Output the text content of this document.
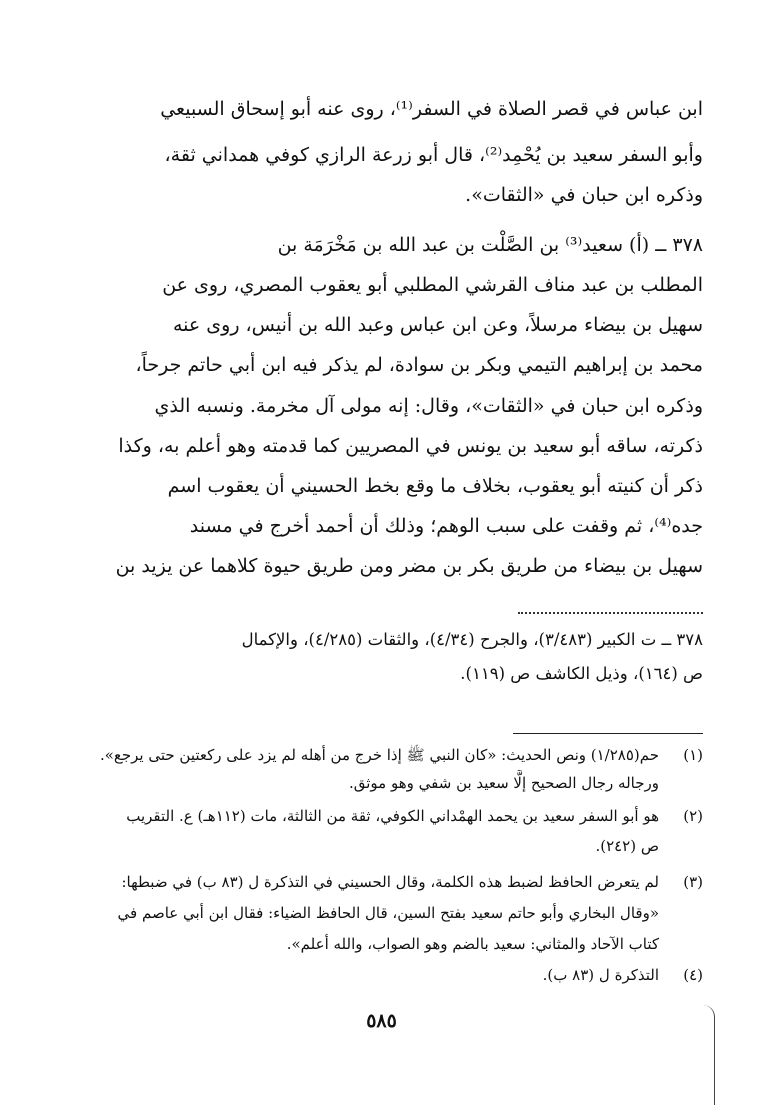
ابن عباس في قصر الصلاة في السفر⁽¹⁾، روى عنه أبو إسحاق السبيعي
وأبو السفر سعيد بن يُحْمِد⁽²⁾، قال أبو زرعة الرازي كوفي همداني ثقة،
وذكره ابن حبان في «الثقات».
٣٧٨ ــ (أ) سعيد⁽³⁾ بن الصَّلْت بن عبد الله بن مَخْرَمَة بن
المطلب بن عبد مناف القرشي المطلبي أبو يعقوب المصري، روى عن
سهيل بن بيضاء مرسلاً، وعن ابن عباس وعبد الله بن أنيس، روى عنه
محمد بن إبراهيم التيمي وبكر بن سوادة، لم يذكر فيه ابن أبي حاتم جرحاً،
وذكره ابن حبان في «الثقات»، وقال: إنه مولى آل مخرمة. ونسبه الذي
ذكرته، ساقه أبو سعيد بن يونس في المصريين كما قدمته وهو أعلم به، وكذا
ذكر أن كنيته أبو يعقوب، بخلاف ما وقع بخط الحسيني أن يعقوب اسم
جده⁽⁴⁾، ثم وقفت على سبب الوهم؛ وذلك أن أحمد أخرج في مسند
سهيل بن بيضاء من طريق بكر بن مضر ومن طريق حيوة كلاهما عن يزيد بن
٣٧٨ ــ ت الكبير (٣/٤٨٣)، والجرح (٤/٣٤)، والثقات (٤/٢٨٥)، والإكمال
ص (١٦٤)، وذيل الكاشف ص (١١٩).
(١)
حم(١/٢٨٥) ونص الحديث: «كان النبي ﷺ إذا خرج من أهله لم يزد على ركعتين حتى يرجع».
ورجاله رجال الصحيح إلَّا سعيد بن شفي وهو موثق.
(٢)
هو أبو السفر سعيد بن يحمد الهمْداني الكوفي، ثقة من الثالثة، مات (١١٢هـ) ع. التقريب
ص (٢٤٢).
(٣)
لم يتعرض الحافظ لضبط هذه الكلمة، وقال الحسيني في التذكرة ل (٨٣ ب) في ضبطها:
«وقال البخاري وأبو حاتم سعيد بفتح السين، قال الحافظ الضياء: فقال ابن أبي عاصم في
كتاب الآحاد والمثاني: سعيد بالضم وهو الصواب، والله أعلم».
(٤)
التذكرة ل (٨٣ ب).
٥٨٥
